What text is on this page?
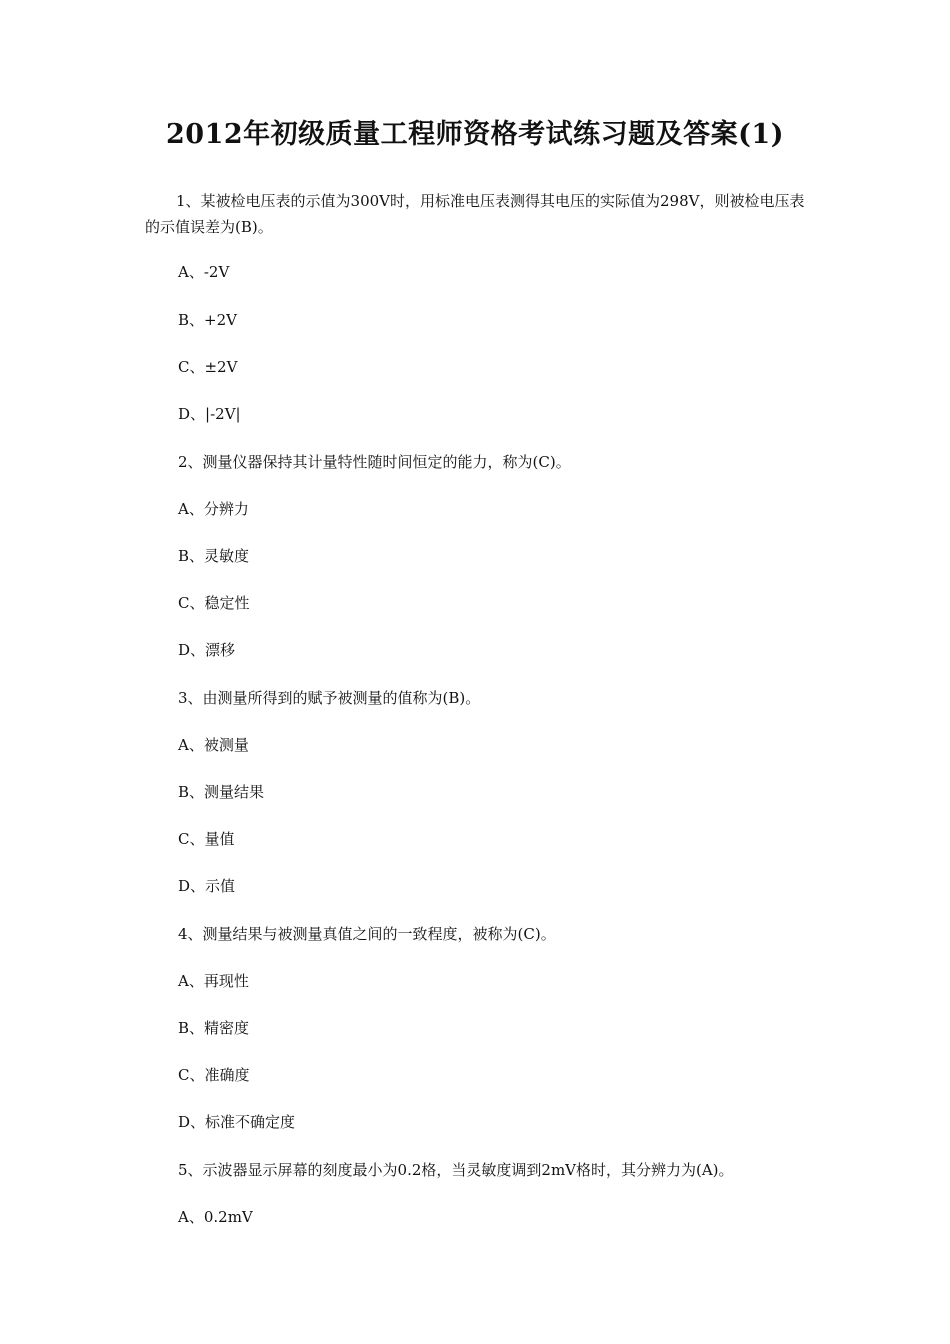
2012年初级质量工程师资格考试练习题及答案(1)
1、某被检电压表的示值为300V时，用标准电压表测得其电压的实际值为298V，则被检电压表的示值误差为(B)。
A、-2V
B、+2V
C、±2V
D、|-2V|
2、测量仪器保持其计量特性随时间恒定的能力，称为(C)。
A、分辨力
B、灵敏度
C、稳定性
D、漂移
3、由测量所得到的赋予被测量的值称为(B)。
A、被测量
B、测量结果
C、量值
D、示值
4、测量结果与被测量真值之间的一致程度，被称为(C)。
A、再现性
B、精密度
C、准确度
D、标准不确定度
5、示波器显示屏幕的刻度最小为0.2格，当灵敏度调到2mV格时，其分辨力为(A)。
A、0.2mV
